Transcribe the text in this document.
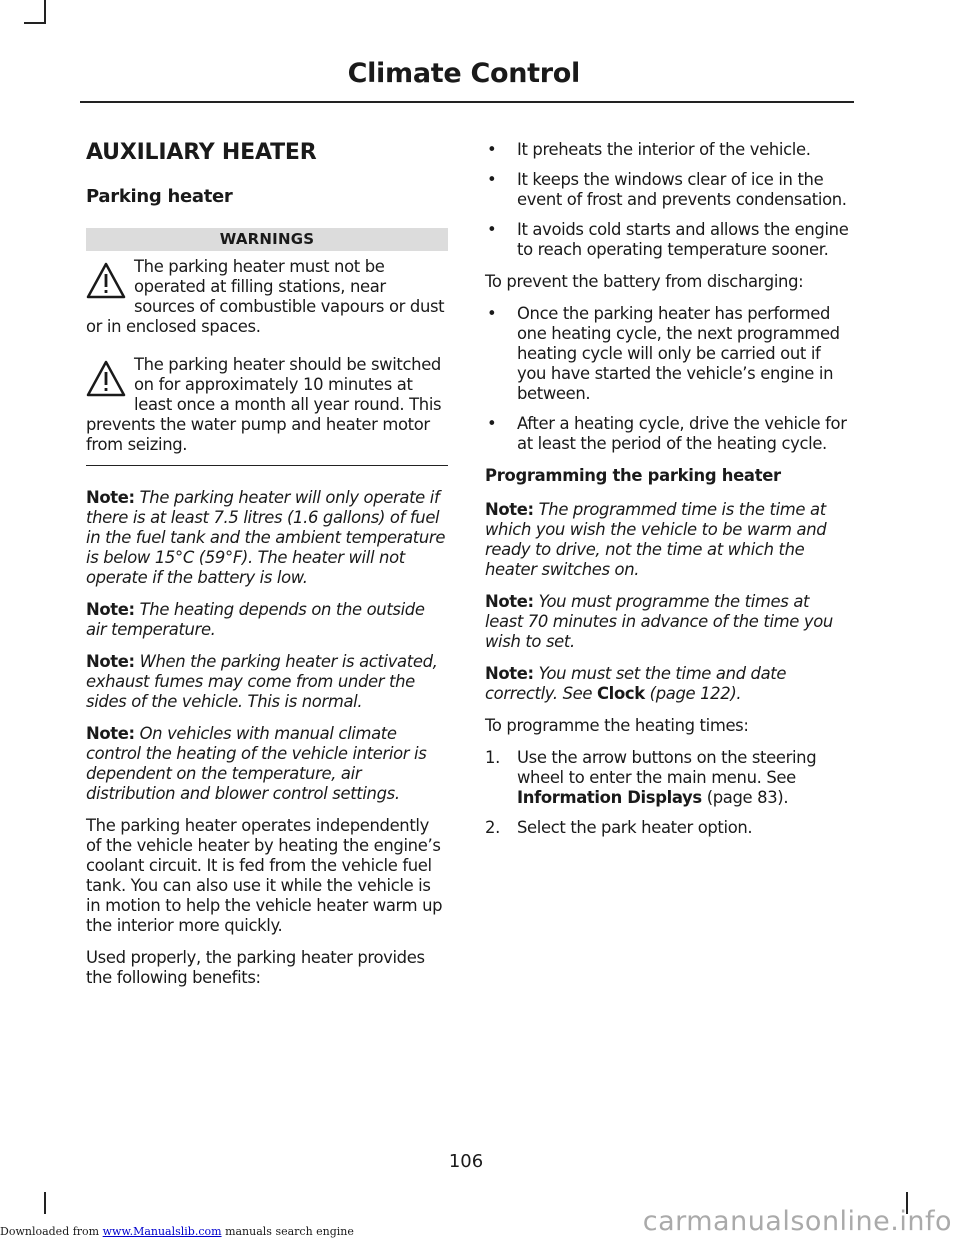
Climate Control
AUXILIARY HEATER
Parking heater
WARNINGS
The parking heater must not be operated at filling stations, near sources of combustible vapours or dust or in enclosed spaces.
The parking heater should be switched on for approximately 10 minutes at least once a month all year round. This prevents the water pump and heater motor from seizing.

Note: The parking heater will only operate if there is at least 7.5 litres (1.6 gallons) of fuel in the fuel tank and the ambient temperature is below 15°C (59°F). The heater will not operate if the battery is low.

Note: The heating depends on the outside air temperature.

Note: When the parking heater is activated, exhaust fumes may come from under the sides of the vehicle. This is normal.

Note: On vehicles with manual climate control the heating of the vehicle interior is dependent on the temperature, air distribution and blower control settings.

The parking heater operates independently of the vehicle heater by heating the engine’s coolant circuit. It is fed from the vehicle fuel tank. You can also use it while the vehicle is in motion to help the vehicle heater warm up the interior more quickly.

Used properly, the parking heater provides the following benefits:

• It preheats the interior of the vehicle.
• It keeps the windows clear of ice in the event of frost and prevents condensation.
• It avoids cold starts and allows the engine to reach operating temperature sooner.

To prevent the battery from discharging:

• Once the parking heater has performed one heating cycle, the next programmed heating cycle will only be carried out if you have started the vehicle’s engine in between.
• After a heating cycle, drive the vehicle for at least the period of the heating cycle.
Programming the parking heater

Note: The programmed time is the time at which you wish the vehicle to be warm and ready to drive, not the time at which the heater switches on.

Note: You must programme the times at least 70 minutes in advance of the time you wish to set.

Note: You must set the time and date correctly. See Clock (page 122).

To programme the heating times:

1. Use the arrow buttons on the steering wheel to enter the main menu. See
Information Displays (page 83).
2. Select the park heater option.
106
Downloaded from www.Manualslib.com manuals search engine	carmanualsonline.info
